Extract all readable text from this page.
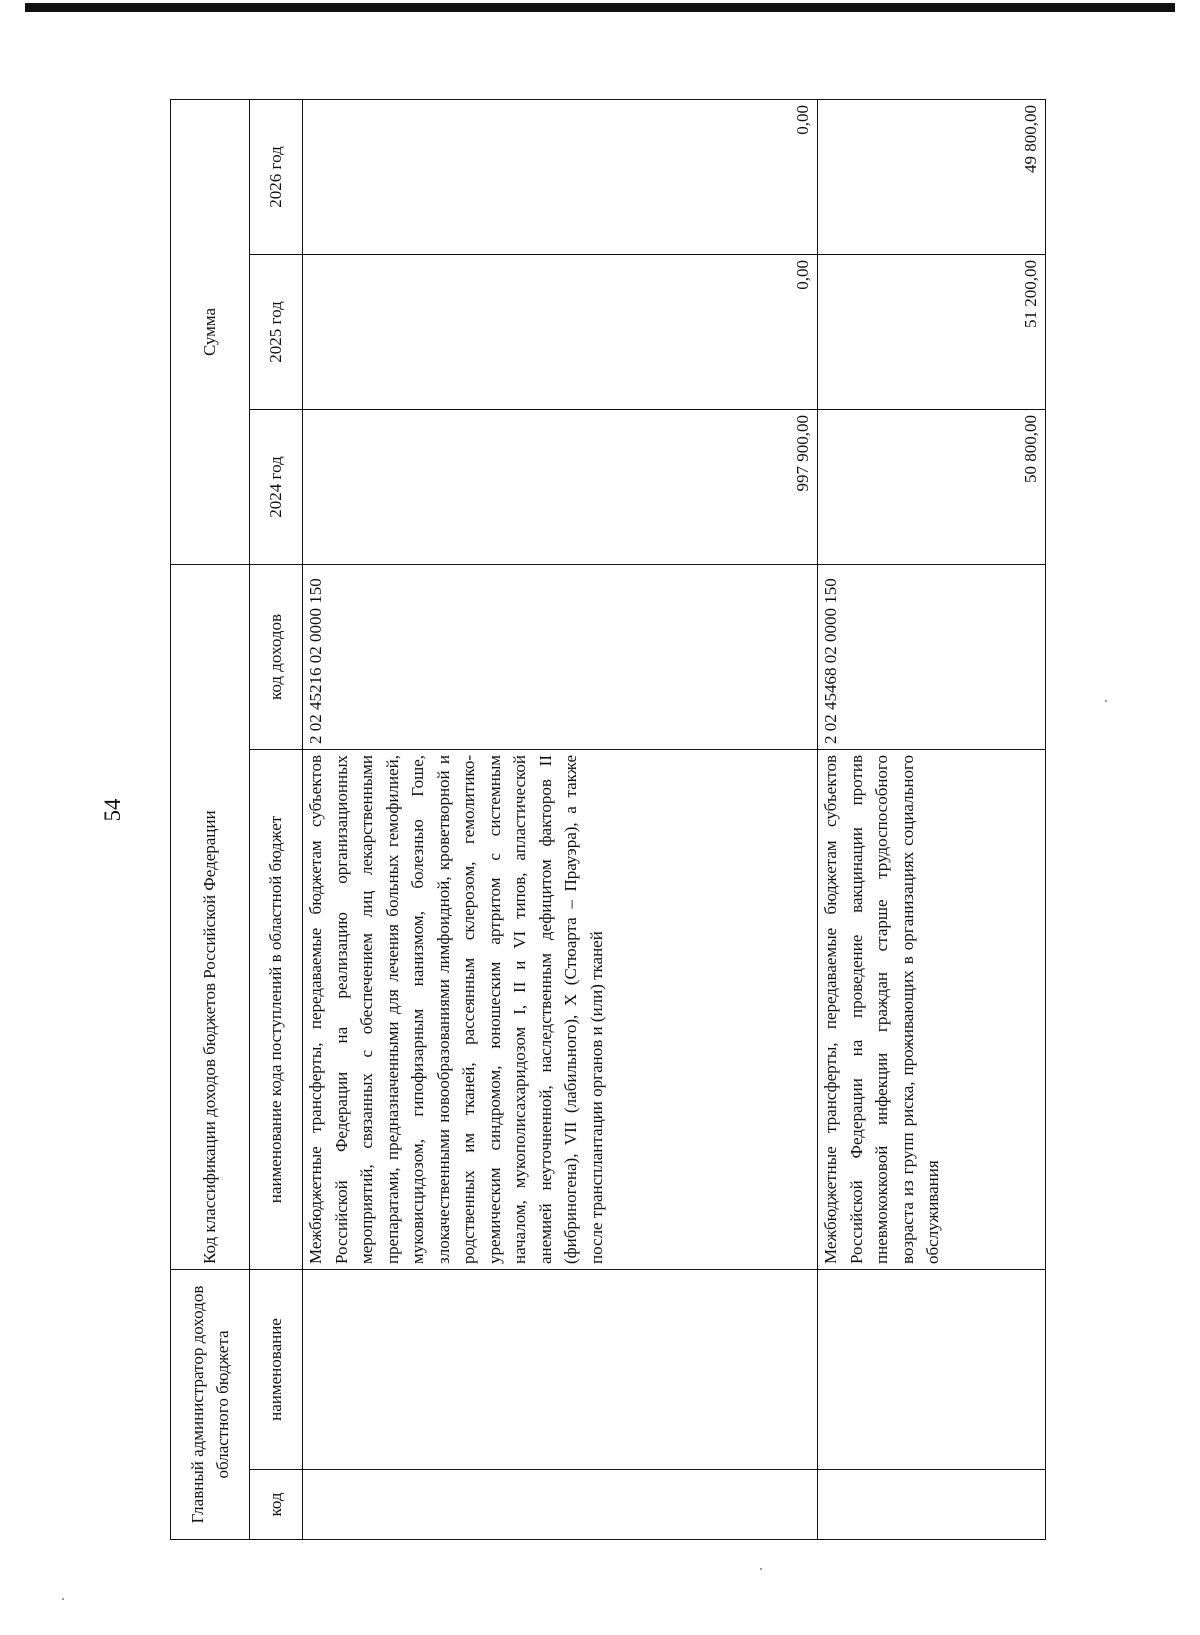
54
Главный администратор доходов областного бюджета		Код классификации доходов бюджетов Российской Федерации		Сумма		
код	наименование	наименование кода поступлений в областной бюджет	код доходов	2024 год	2025 год	2026 год
		Межбюджетные трансферты, передаваемые бюджетам субъектов Российской Федерации на реализацию организационных мероприятий, связанных с обеспечением лиц лекарственными препаратами, предназначенными для лечения больных гемофилией, муковисцидозом, гипофизарным нанизмом, болезнью Гоше, злокачественными новообразованиями лимфоидной, кроветворной и родственных им тканей, рассеянным склерозом, гемолитико-уремическим синдромом, юношеским артритом с системным началом, мукополисахаридозом I, II и VI типов, апластической анемией неуточненной, наследственным дефицитом факторов II (фибриногена), VII (лабильного), X (Стюарта – Прауэра), а также после трансплантации органов и (или) тканей	2 02 45216 02 0000 150	997 900,00	0,00	0,00
		Межбюджетные трансферты, передаваемые бюджетам субъектов Российской Федерации на проведение вакцинации против пневмококковой инфекции граждан старше трудоспособного возраста из групп риска, проживающих в организациях социального обслуживания	2 02 45468 02 0000 150	50 800,00	51 200,00	49 800,00
